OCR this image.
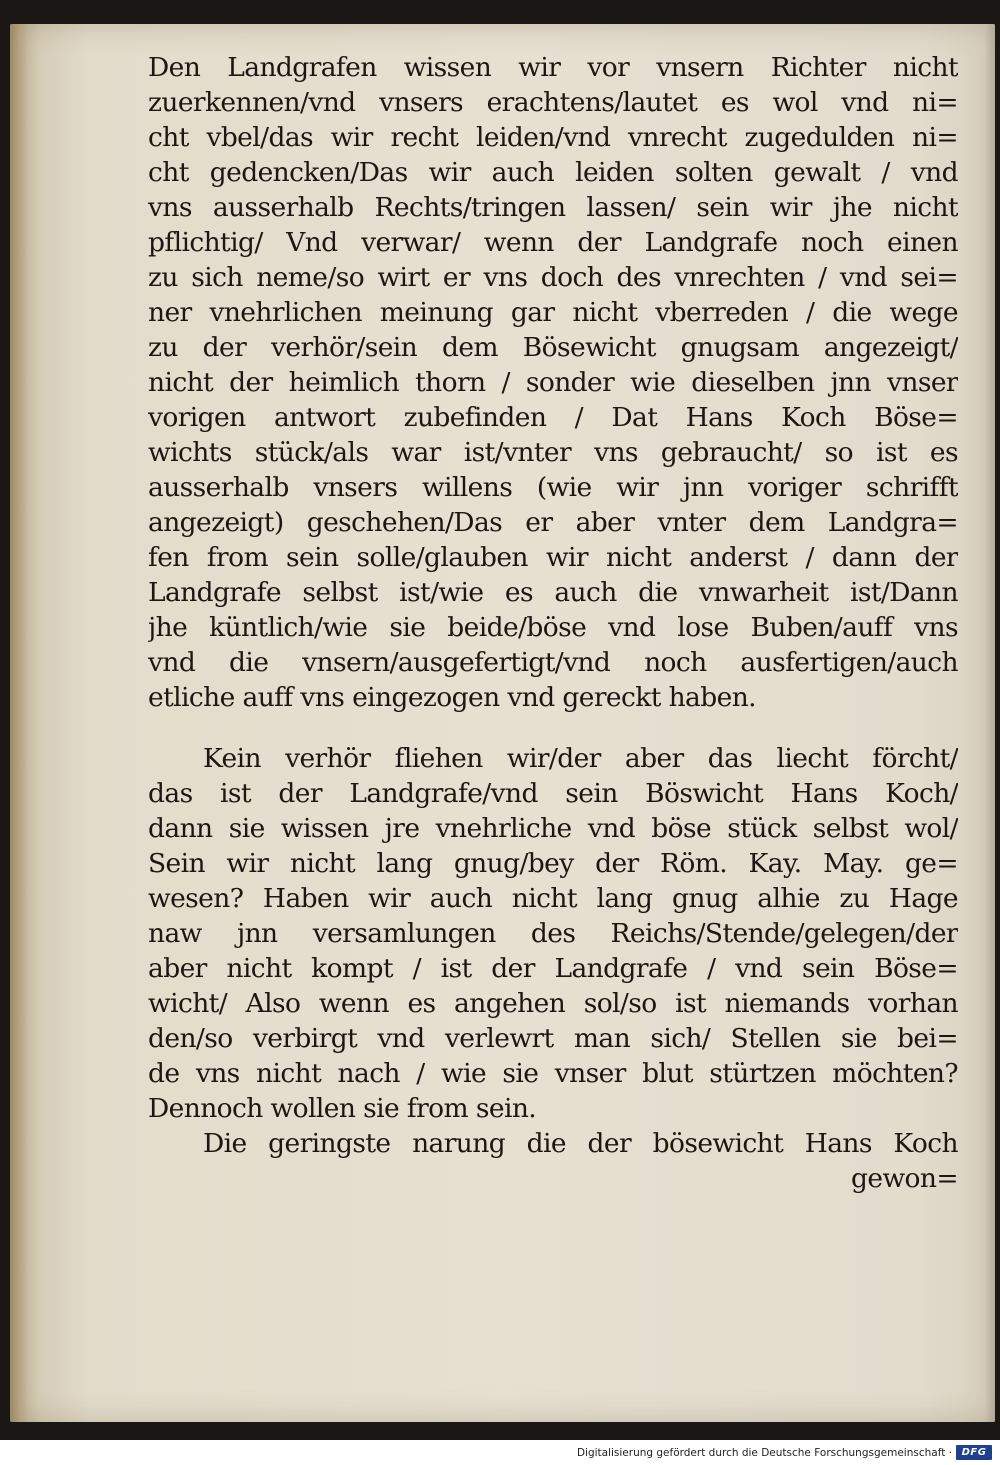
Den Landgrafen wissen wir vor vnsern Richter nicht
zuerkennen/vnd vnsers erachtens/lautet es wol vnd ni=
cht vbel/das wir recht leiden/vnd vnrecht zugedulden ni=
cht gedencken/Das wir auch leiden solten gewalt / vnd
vns ausserhalb Rechts/tringen lassen/ sein wir jhe nicht
pflichtig/ Vnd verwar/ wenn der Landgrafe noch einen
zu sich neme/so wirt er vns doch des vnrechten / vnd sei=
ner vnehrlichen meinung gar nicht vberreden / die wege
zu der verhör/sein dem Bösewicht gnugsam angezeigt/
nicht der heimlich thorn / sonder wie dieselben jnn vnser
vorigen antwort zubefinden / Dat Hans Koch Böse=
wichts stück/als war ist/vnter vns gebraucht/ so ist es
ausserhalb vnsers willens (wie wir jnn voriger schrifft
angezeigt) geschehen/Das er aber vnter dem Landgra=
fen from sein solle/glauben wir nicht anderst / dann der
Landgrafe selbst ist/wie es auch die vnwarheit ist/Dann
jhe küntlich/wie sie beide/böse vnd lose Buben/auff vns
vnd die vnsern/ausgefertigt/vnd noch ausfertigen/auch
etliche auff vns eingezogen vnd gereckt haben.
Kein verhör fliehen wir/der aber das liecht förcht/
das ist der Landgrafe/vnd sein Böswicht Hans Koch/
dann sie wissen jre vnehrliche vnd böse stück selbst wol/
Sein wir nicht lang gnug/bey der Röm. Kay. May. ge=
wesen? Haben wir auch nicht lang gnug alhie zu Hage
naw jnn versamlungen des Reichs/Stende/gelegen/der
aber nicht kompt / ist der Landgrafe / vnd sein Böse=
wicht/ Also wenn es angehen sol/so ist niemands vorhan
den/so verbirgt vnd verlewrt man sich/ Stellen sie bei=
de vns nicht nach / wie sie vnser blut stürtzen möchten?
Dennoch wollen sie from sein.
Die geringste narung die der bösewicht Hans Koch
gewon=
Digitalisierung gefördert durch die Deutsche Forschungsgemeinschaft · DFG
